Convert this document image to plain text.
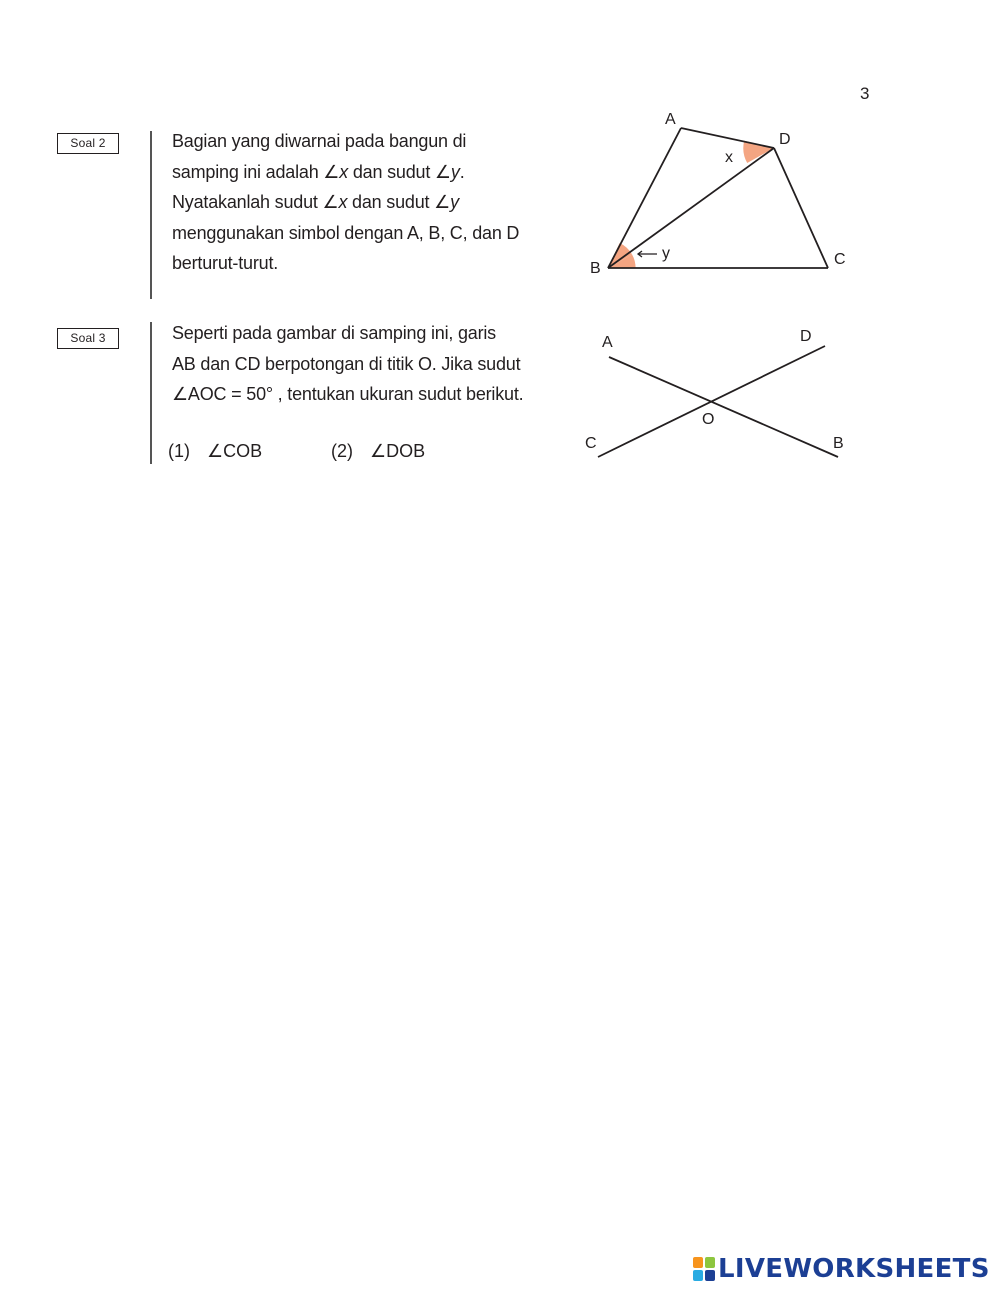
3
Soal 2	Bagian yang diwarnai pada bangun di
samping ini adalah ∠x dan sudut ∠y.
Nyatakanlah sudut ∠x dan sudut ∠y
menggunakan simbol dengan A, B, C, dan D
berturut-turut.
A
D
C
B
x
y
Soal 3	Seperti pada gambar di samping ini, garis
AB dan CD berpotongan di titik O. Jika sudut
∠AOC = 50° , tentukan ukuran sudut berikut.
(1) ∠COB	(2) ∠DOB
A	D
C	B
O
LIVEWORKSHEETS
